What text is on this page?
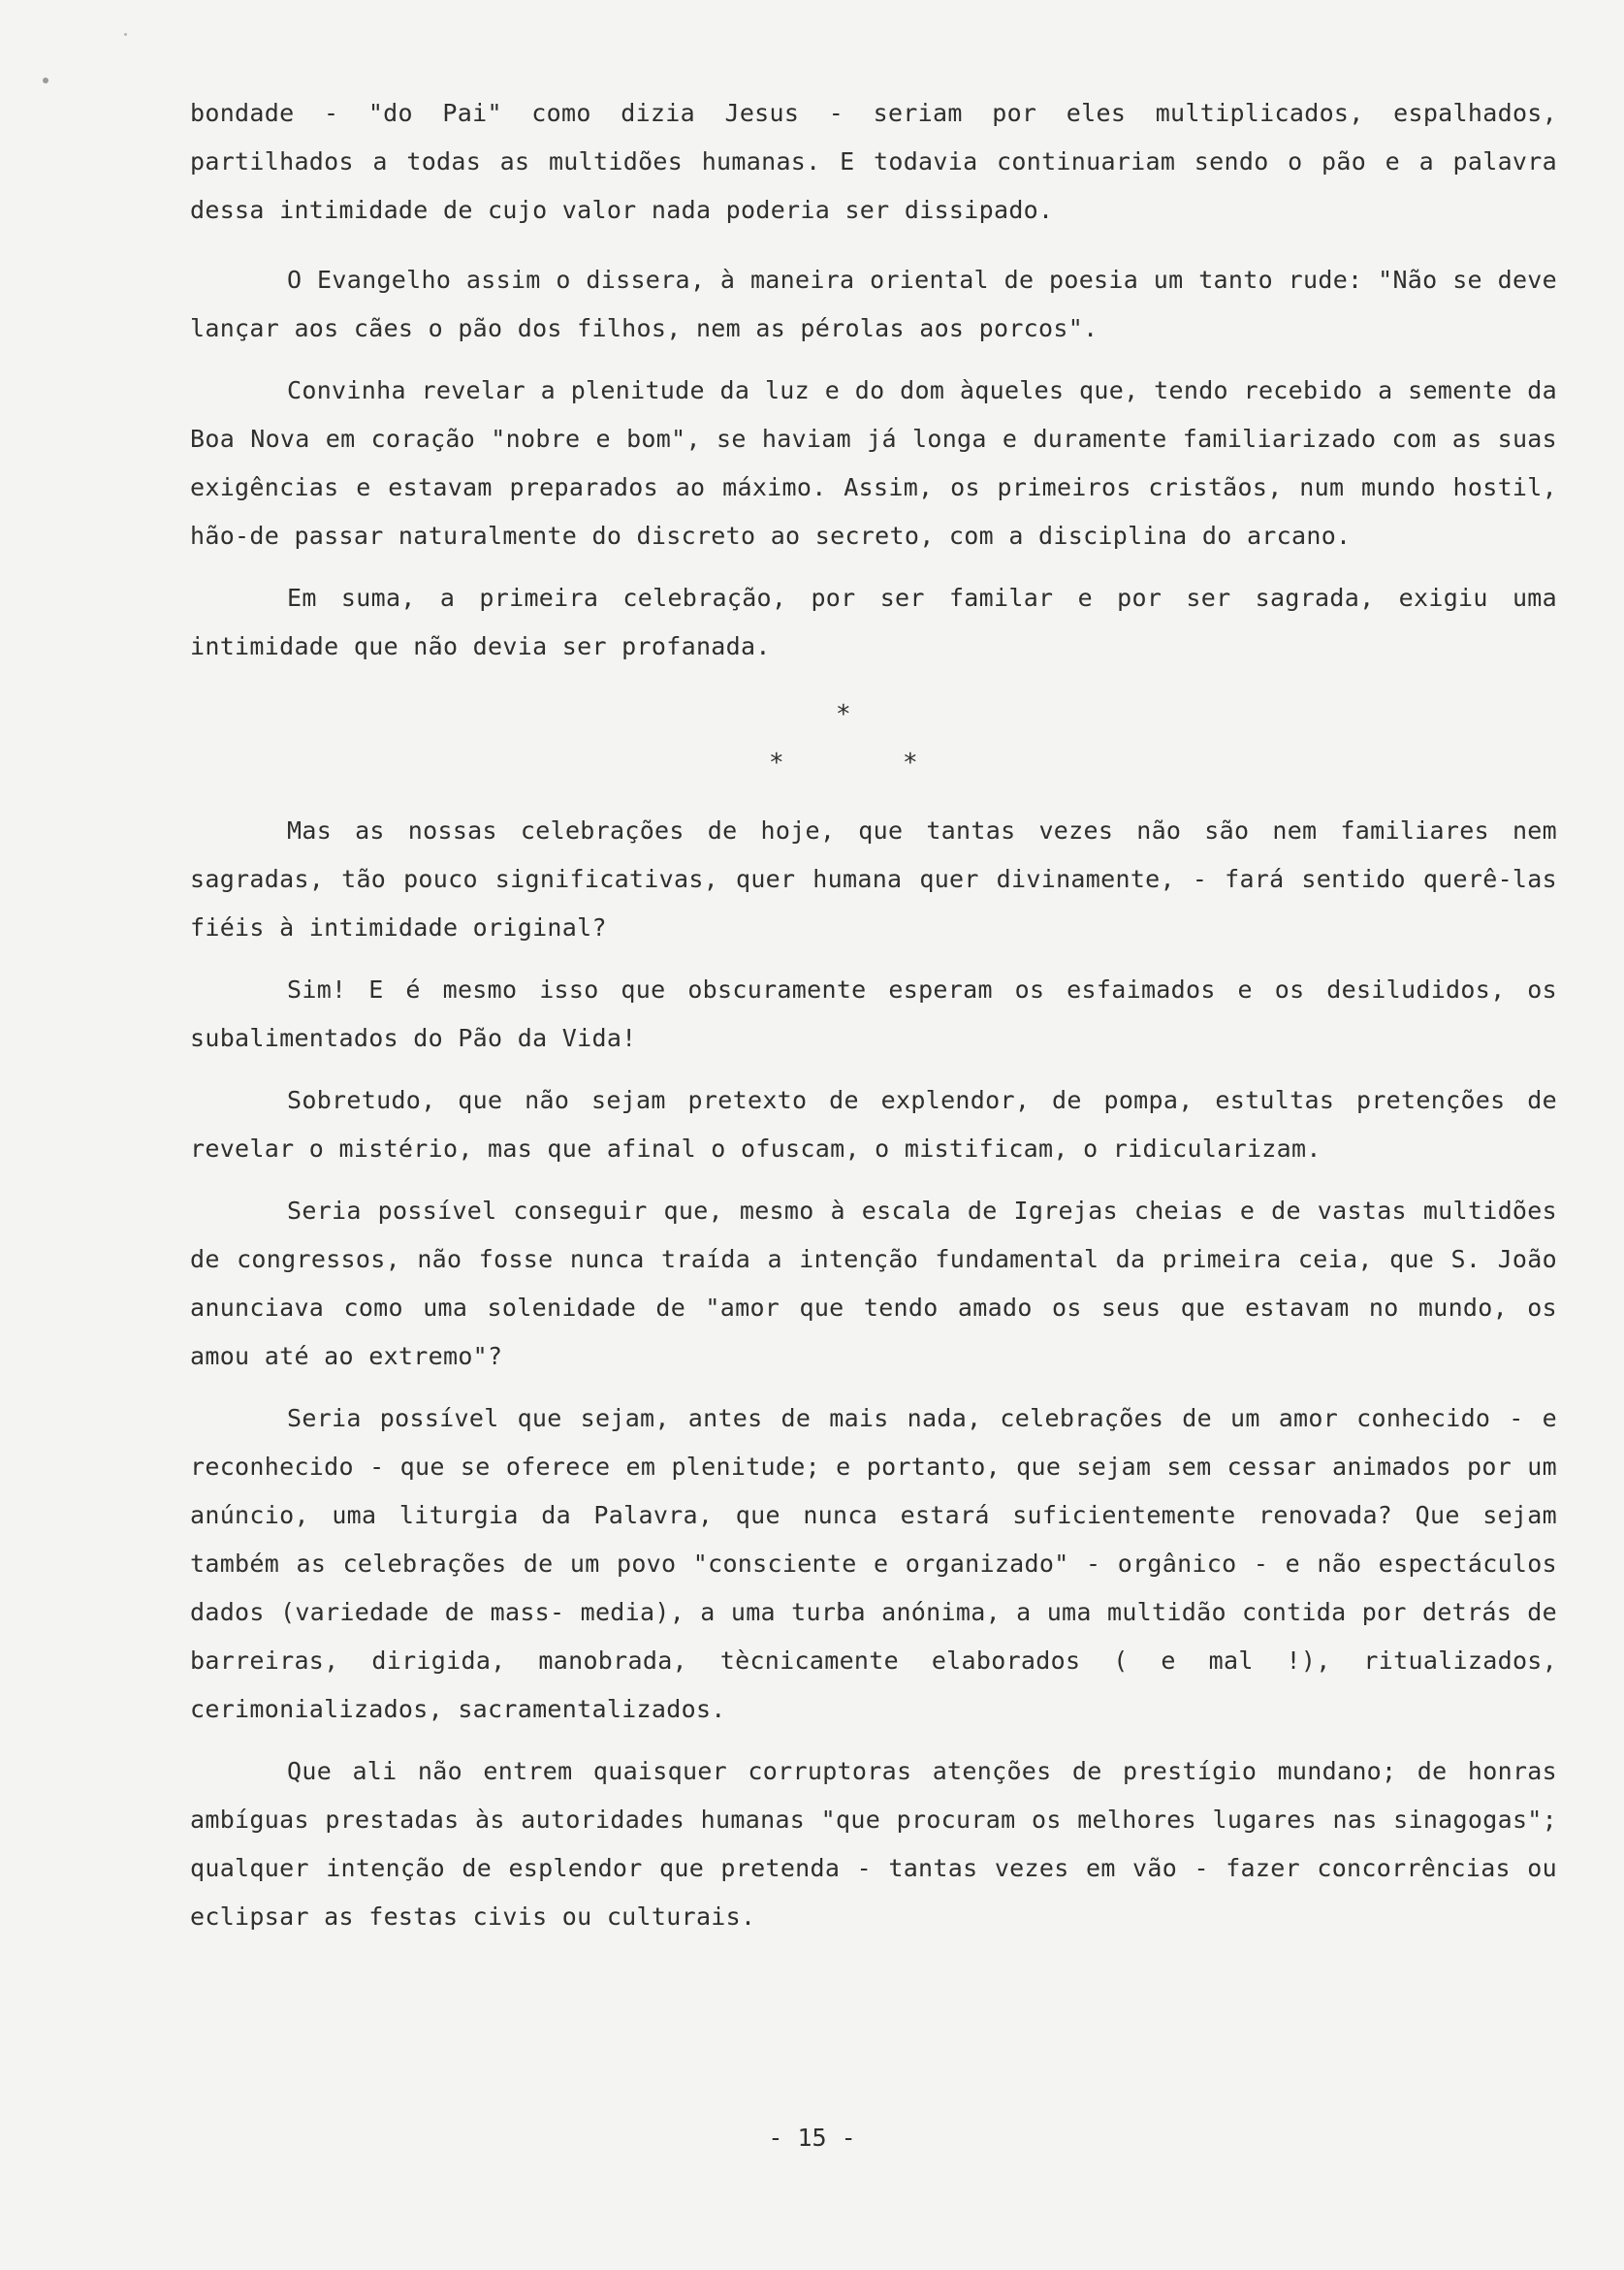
bondade - "do Pai" como dizia Jesus - seriam por eles multiplicados, espalhados, partilhados a todas as multidões humanas. E todavia continuariam sendo o pão e a palavra dessa intimidade de cujo valor nada poderia ser dissipado.

O Evangelho assim o dissera, à maneira oriental de poesia um tanto rude: "Não se deve lançar aos cães o pão dos filhos, nem as pérolas aos porcos".

Convinha revelar a plenitude da luz e do dom àqueles que, tendo recebido a semente da Boa Nova em coração "nobre e bom", se haviam já longa e duramente familiarizado com as suas exigências e estavam preparados ao máximo. Assim, os primeiros cristãos, num mundo hostil, hão-de passar naturalmente do discreto ao secreto, com a disciplina do arcano.

Em suma, a primeira celebração, por ser familar e por ser sagrada, exigiu uma intimidade que não devia ser profanada.

*
*	*

Mas as nossas celebrações de hoje, que tantas vezes não são nem familiares nem sagradas, tão pouco significativas, quer humana quer divinamente, - fará sentido querê-las fiéis à intimidade original?

Sim! E é mesmo isso que obscuramente esperam os esfaimados e os desiludidos, os subalimentados do Pão da Vida!

Sobretudo, que não sejam pretexto de explendor, de pompa, estultas pretenções de revelar o mistério, mas que afinal o ofuscam, o mistificam, o ridicularizam.

Seria possível conseguir que, mesmo à escala de Igrejas cheias e de vastas multidões de congressos, não fosse nunca traída a intenção fundamental da primeira ceia, que S. João anunciava como uma solenidade de "amor que tendo amado os seus que estavam no mundo, os amou até ao extremo"?

Seria possível que sejam, antes de mais nada, celebrações de um amor conhecido - e reconhecido - que se oferece em plenitude; e portanto, que sejam sem cessar animados por um anúncio, uma liturgia da Palavra, que nunca estará suficientemente renovada? Que sejam também as celebrações de um povo "consciente e organizado" - orgânico - e não espectáculos dados (variedade de mass- media), a uma turba anónima, a uma multidão contida por detrás de barreiras, dirigida, manobrada, tècnicamente elaborados ( e mal !), ritualizados, cerimonializados, sacramentalizados.

Que ali não entrem quaisquer corruptoras atenções de prestígio mundano; de honras ambíguas prestadas às autoridades humanas "que procuram os melhores lugares nas sinagogas"; qualquer intenção de esplendor que pretenda - tantas vezes em vão - fazer concorrências ou eclipsar as festas civis ou culturais.

- 15 -
